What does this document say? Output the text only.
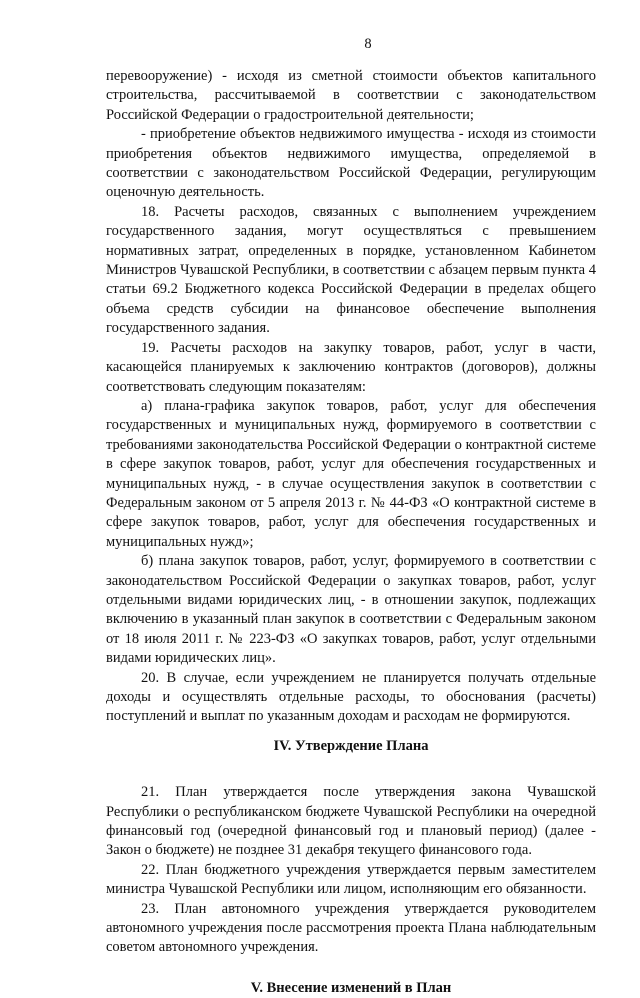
8

перевооружение) - исходя из сметной стоимости объектов капитального строительства, рассчитываемой в соответствии с законодательством Российской Федерации о градостроительной деятельности;

- приобретение объектов недвижимого имущества - исходя из стоимости приобретения объектов недвижимого имущества, определяемой в соответствии с законодательством Российской Федерации, регулирующим оценочную деятельность.

18. Расчеты расходов, связанных с выполнением учреждением государственного задания, могут осуществляться с превышением нормативных затрат, определенных в порядке, установленном Кабинетом Министров Чувашской Республики, в соответствии с абзацем первым пункта 4 статьи 69.2 Бюджетного кодекса Российской Федерации в пределах общего объема средств субсидии на финансовое обеспечение выполнения государственного задания.

19. Расчеты расходов на закупку товаров, работ, услуг в части, касающейся планируемых к заключению контрактов (договоров), должны соответствовать следующим показателям:

а) плана-графика закупок товаров, работ, услуг для обеспечения государственных и муниципальных нужд, формируемого в соответствии с требованиями законодательства Российской Федерации о контрактной системе в сфере закупок товаров, работ, услуг для обеспечения государственных и муниципальных нужд, - в случае осуществления закупок в соответствии с Федеральным законом от 5 апреля 2013 г. № 44-ФЗ «О контрактной системе в сфере закупок товаров, работ, услуг для обеспечения государственных и муниципальных нужд»;

б) плана закупок товаров, работ, услуг, формируемого в соответствии с законодательством Российской Федерации о закупках товаров, работ, услуг отдельными видами юридических лиц, - в отношении закупок, подлежащих включению в указанный план закупок в соответствии с Федеральным законом от 18 июля 2011 г. № 223-ФЗ «О закупках товаров, работ, услуг отдельными видами юридических лиц».

20. В случае, если учреждением не планируется получать отдельные доходы и осуществлять отдельные расходы, то обоснования (расчеты) поступлений и выплат по указанным доходам и расходам не формируются.

IV. Утверждение Плана

21. План утверждается после утверждения закона Чувашской Республики о республиканском бюджете Чувашской Республики на очередной финансовый год (очередной финансовый год и плановый период) (далее - Закон о бюджете) не позднее 31 декабря текущего финансового года.

22. План бюджетного учреждения утверждается первым заместителем министра Чувашской Республики или лицом, исполняющим его обязанности.

23. План автономного учреждения утверждается руководителем автономного учреждения после рассмотрения проекта Плана наблюдательным советом автономного учреждения.

V. Внесение изменений в План
